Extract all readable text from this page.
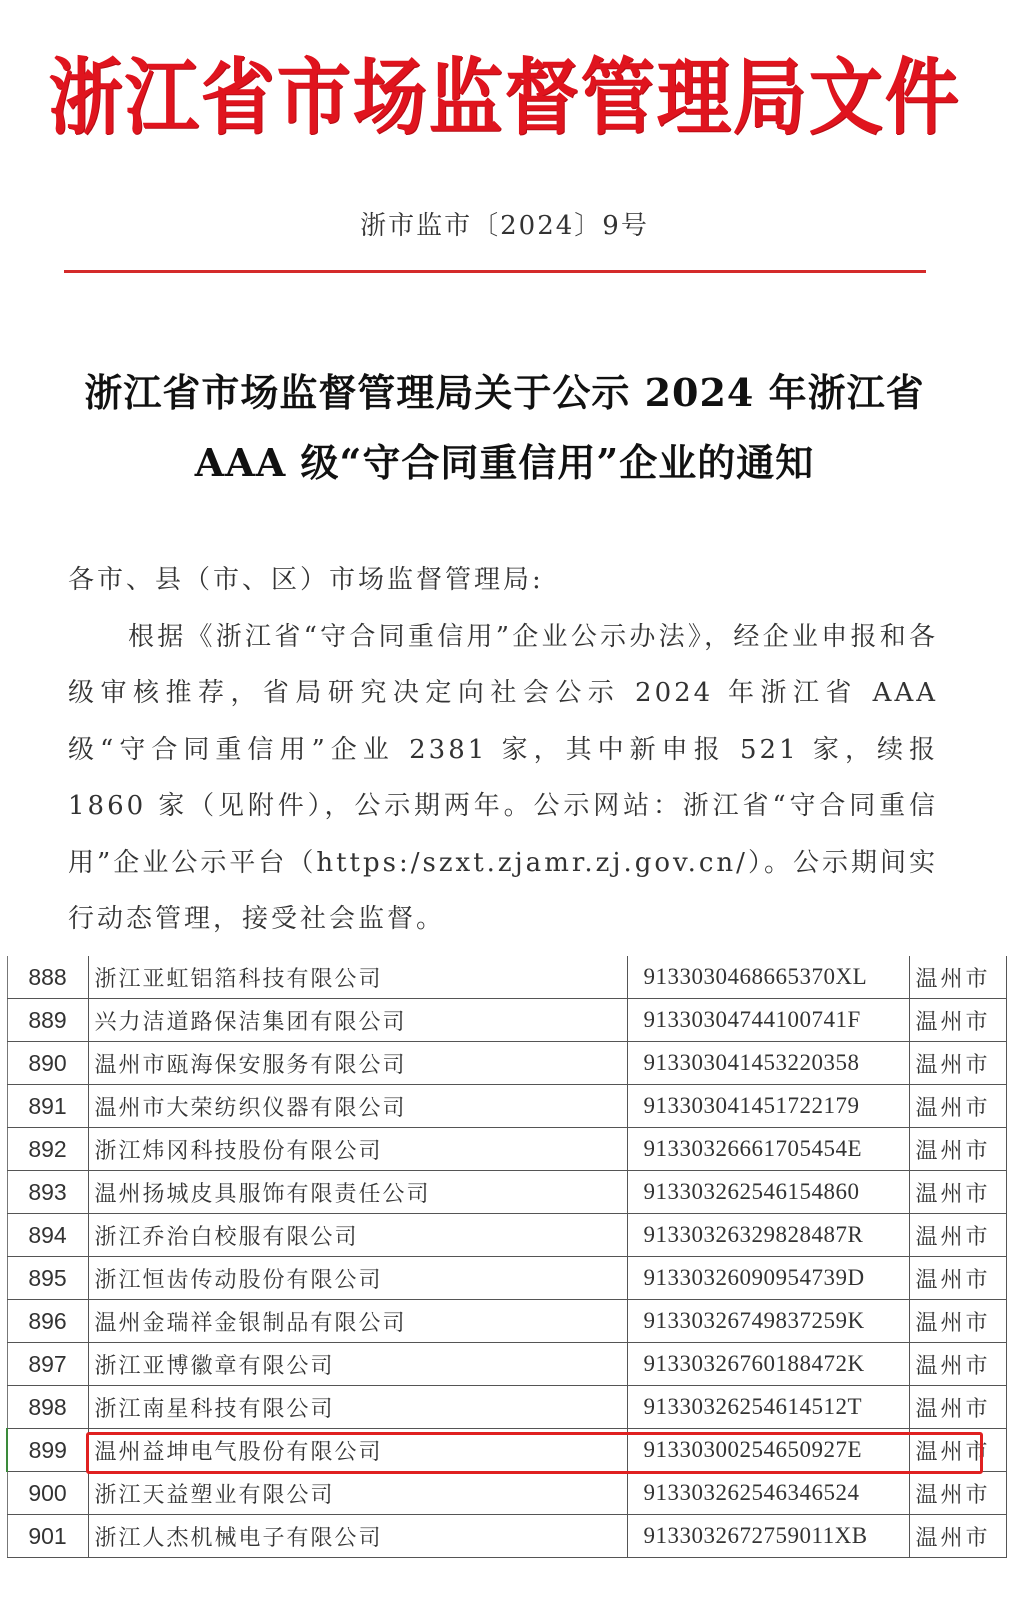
浙江省市场监督管理局文件
浙市监市〔2024〕9号
浙江省市场监督管理局关于公示 2024 年浙江省
AAA 级“守合同重信用”企业的通知

各市、县（市、区）市场监督管理局:

根据《浙江省“守合同重信用”企业公示办法》，经企业申报和各级审核推荐，省局研究决定向社会公示 2024 年浙江省 AAA 级“守合同重信用”企业 2381 家，其中新申报 521 家，续报 1860 家（见附件），公示期两年。公示网站：浙江省“守合同重信用”企业公示平台（https:/szxt.zjamr.zj.gov.cn/）。公示期间实行动态管理，接受社会监督。

888	浙江亚虹铝箔科技有限公司	9133030468665370XL	温州市
889	兴力洁道路保洁集团有限公司	91330304744100741F	温州市
890	温州市瓯海保安服务有限公司	913303041453220358	温州市
891	温州市大荣纺织仪器有限公司	913303041451722179	温州市
892	浙江炜冈科技股份有限公司	91330326661705454E	温州市
893	温州扬城皮具服饰有限责任公司	913303262546154860	温州市
894	浙江乔治白校服有限公司	91330326329828487R	温州市
895	浙江恒齿传动股份有限公司	91330326090954739D	温州市
896	温州金瑞祥金银制品有限公司	91330326749837259K	温州市
897	浙江亚博徽章有限公司	91330326760188472K	温州市
898	浙江南星科技有限公司	91330326254614512T	温州市
899	温州益坤电气股份有限公司	91330300254650927E	温州市
900	浙江天益塑业有限公司	913303262546346524	温州市
901	浙江人杰机械电子有限公司	9133032672759011XB	温州市
